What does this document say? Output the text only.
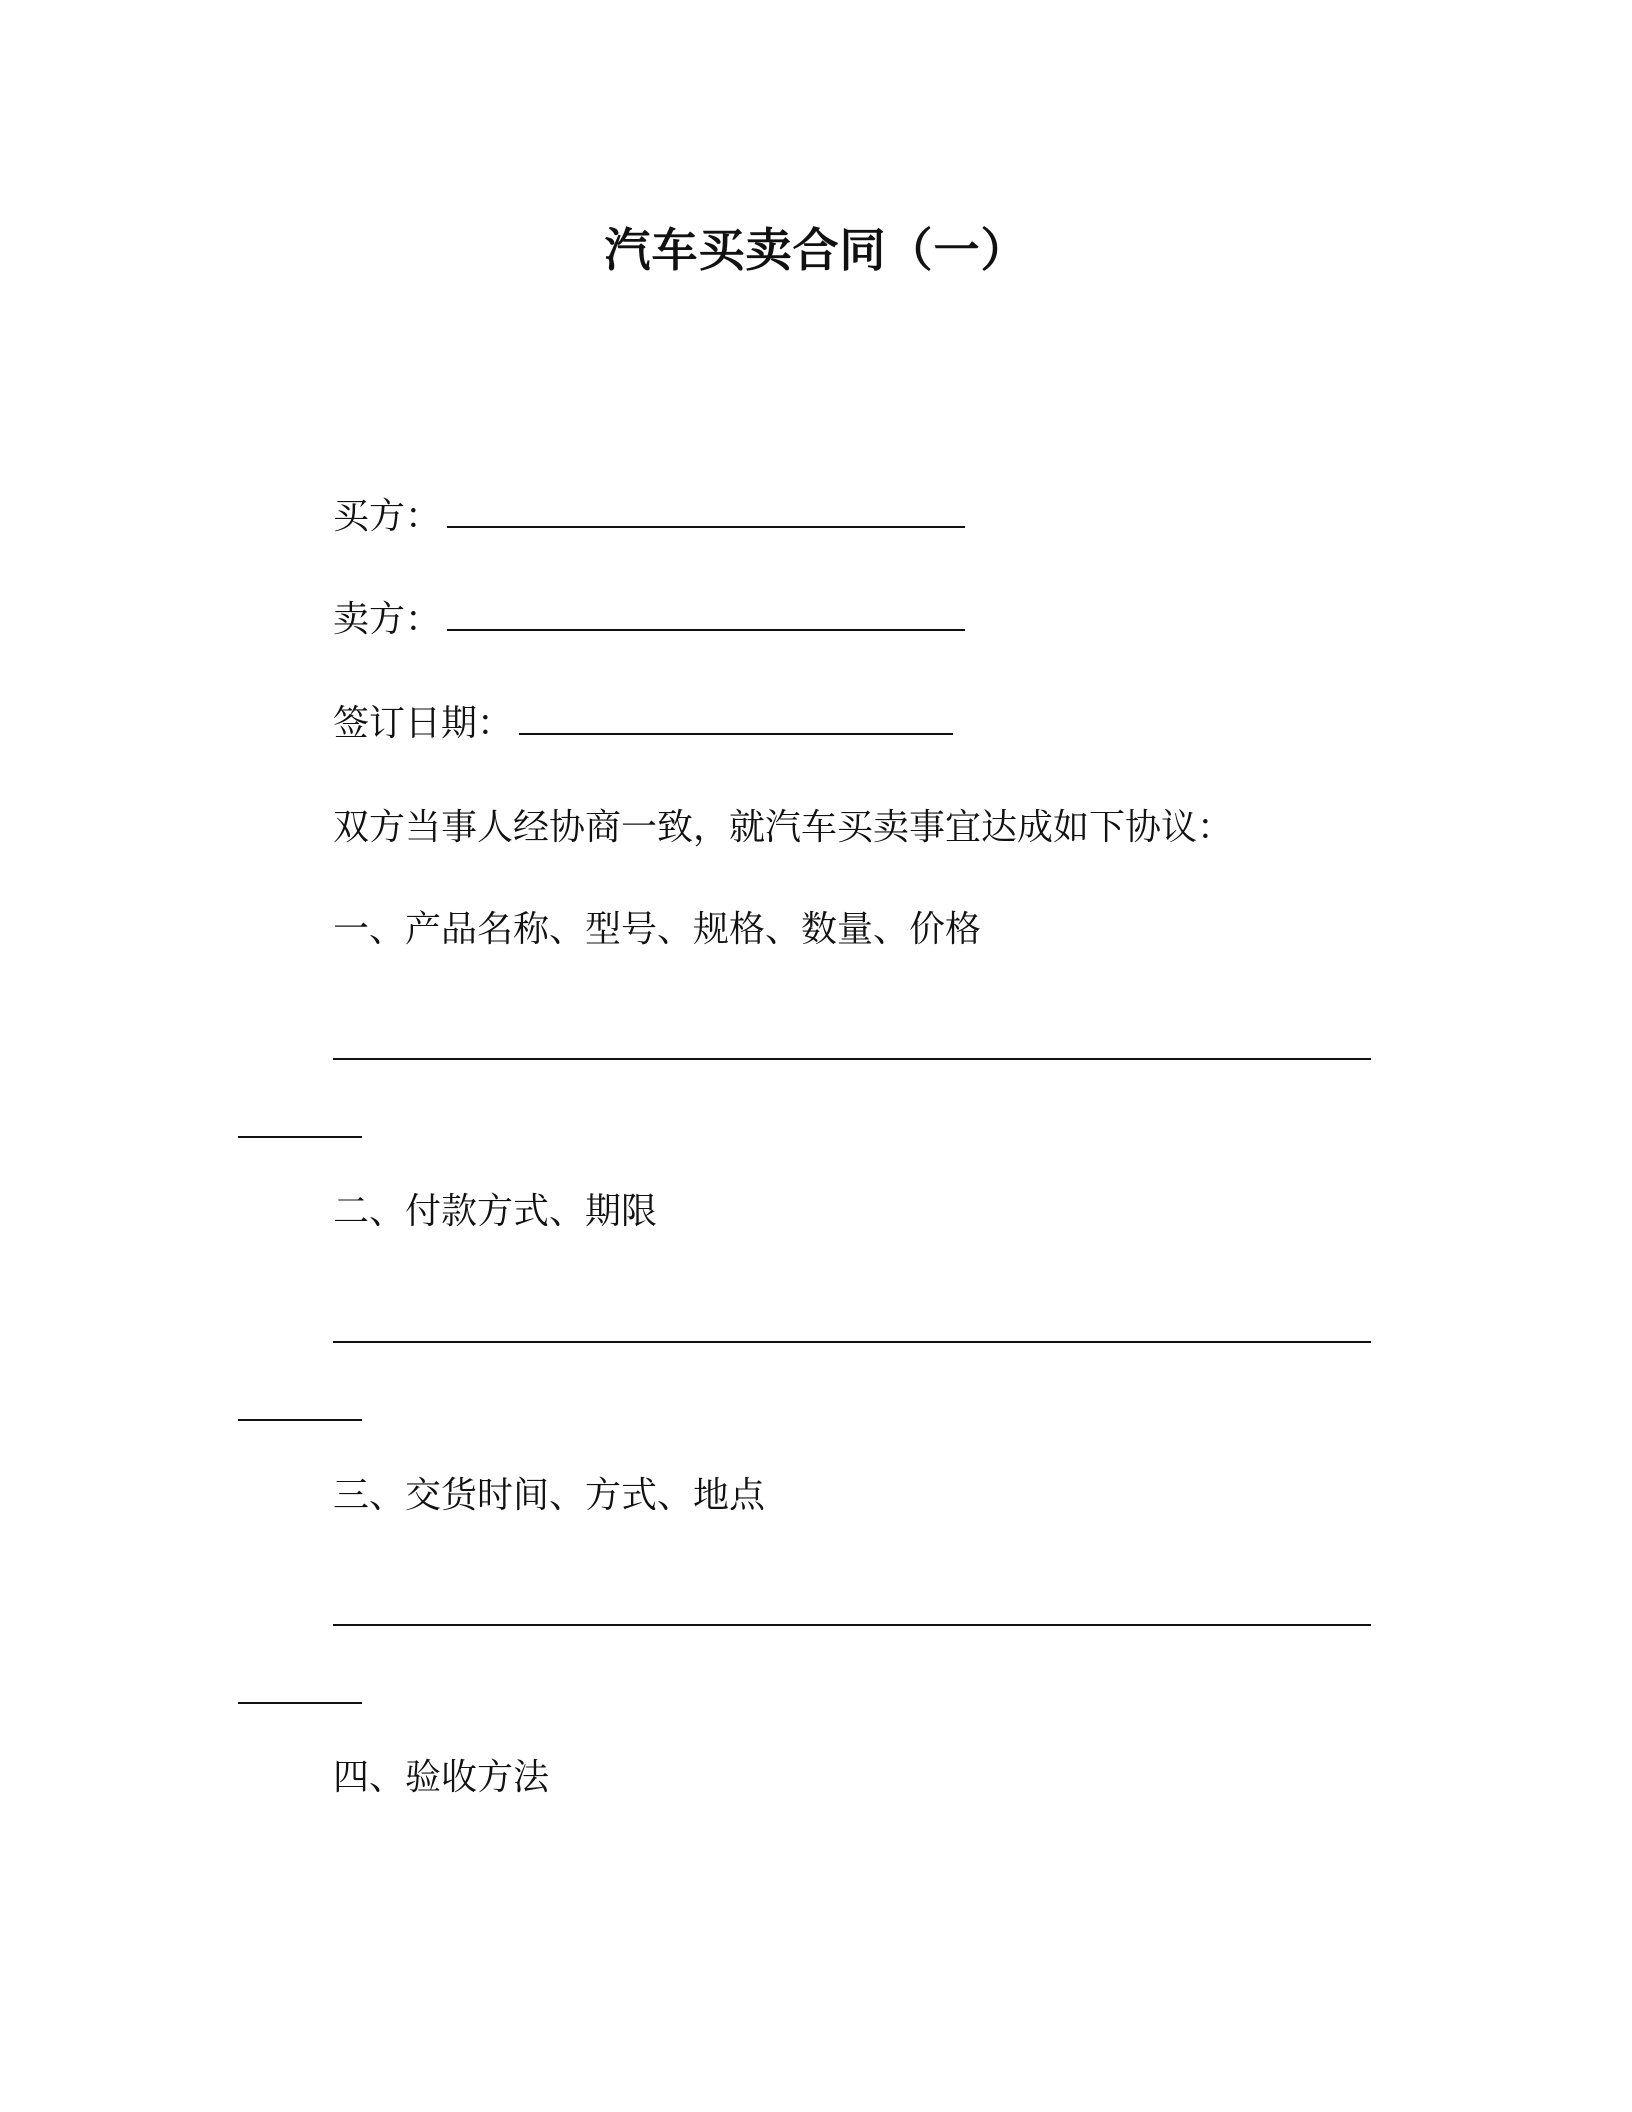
汽车买卖合同（一）
买方：
卖方：
签订日期：
双方当事人经协商一致，就汽车买卖事宜达成如下协议：
一、产品名称、型号、规格、数量、价格
二、付款方式、期限
三、交货时间、方式、地点
四、验收方法
